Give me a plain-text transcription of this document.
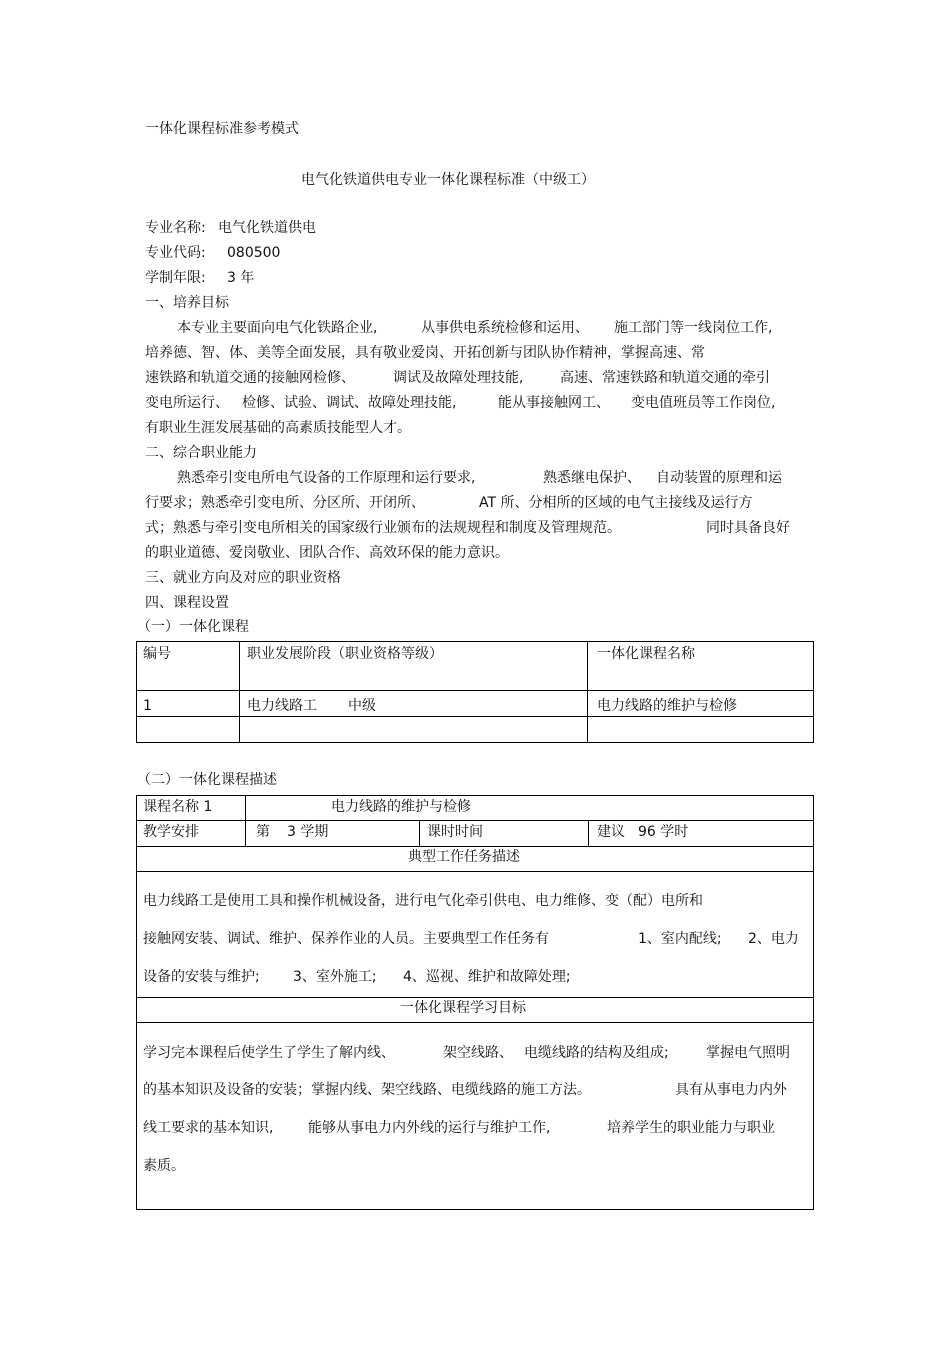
一体化课程标准参考模式
电气化铁道供电专业一体化课程标准（中级工）
专业名称: 电气化铁道供电
专业代码: 080500
学制年限: 3 年
一、培养目标
本专业主要面向电气化铁路企业,	从事供电系统检修和运用、 施工部门等一线岗位工作,
培养德、智、体、美等全面发展，具有敬业爱岗、开拓创新与团队协作精神，掌握高速、常
速铁路和轨道交通的接触网检修、	调试及故障处理技能,	高速、常速铁路和轨道交通的牵引
变电所运行、 检修、试验、调试、故障处理技能,	能从事接触网工、 变电值班员等工作岗位,
有职业生涯发展基础的高素质技能型人才。
二、综合职业能力
熟悉牵引变电所电气设备的工作原理和运行要求,	熟悉继电保护、 自动装置的原理和运
行要求；熟悉牵引变电所、分区所、开闭所、	AT 所、分相所的区域的电气主接线及运行方
式；熟悉与牵引变电所相关的国家级行业颁布的法规规程和制度及管理规范。	同时具备良好
的职业道德、爱岗敬业、团队合作、高效环保的能力意识。
三、就业方向及对应的职业资格
四、课程设置
（一）一体化课程
编号	职业发展阶段（职业资格等级）	一体化课程名称
1	电力线路工 中级	电力线路的维护与检修
（二）一体化课程描述
课程名称 1	电力线路的维护与检修
教学安排	第 3 学期	课时时间	建议 96 学时
典型工作任务描述
电力线路工是使用工具和操作机械设备，进行电气化牵引供电、电力维修、变（配）电所和
接触网安装、调试、维护、保养作业的人员。主要典型工作任务有	1、室内配线; 2、电力
设备的安装与维护; 3、室外施工; 4、巡视、维护和故障处理;
一体化课程学习目标
学习完本课程后使学生了学生了解内线、	架空线路、 电缆线路的结构及组成;	掌握电气照明
的基本知识及设备的安装；掌握内线、架空线路、电缆线路的施工方法。	具有从事电力内外
线工要求的基本知识, 能够从事电力内外线的运行与维护工作,	培养学生的职业能力与职业
素质。
